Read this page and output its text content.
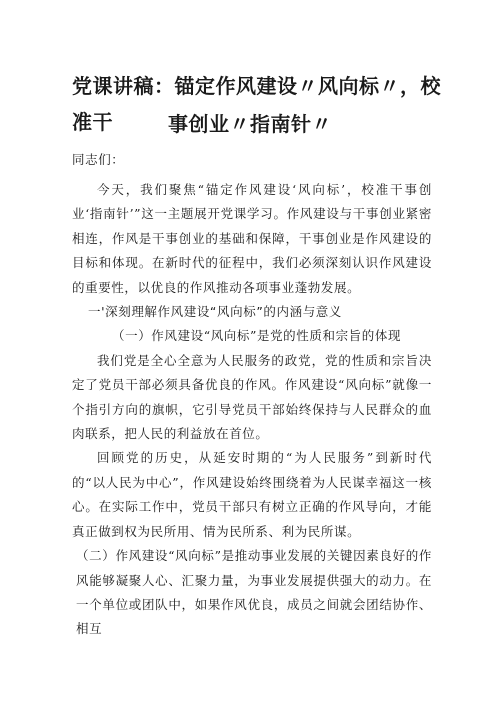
党课讲稿：锚定作风建设〃风向标〃，校准干	事创业〃指南针〃
同志们：

今天，我们聚焦“锚定作风建设‘风向标’，校准干事创业‘指南针’”这一主题展开党课学习。作风建设与干事创业紧密相连，作风是干事创业的基础和保障，干事创业是作风建设的目标和体现。在新时代的征程中，我们必须深刻认识作风建设的重要性，以优良的作风推动各项事业蓬勃发展。

一'深刻理解作风建设“风向标”的内涵与意义

（一）作风建设“风向标”是党的性质和宗旨的体现

我们党是全心全意为人民服务的政党，党的性质和宗旨决定了党员干部必须具备优良的作风。作风建设“风向标”就像一个指引方向的旗帜，它引导党员干部始终保持与人民群众的血肉联系，把人民的利益放在首位。

回顾党的历史，从延安时期的“为人民服务”到新时代的“以人民为中心”，作风建设始终围绕着为人民谋幸福这一核心。在实际工作中，党员干部只有树立正确的作风导向，才能真正做到权为民所用、情为民所系、利为民所谋。

（二）作风建设“风向标”是推动事业发展的关键因素良好的作风能够凝聚人心、汇聚力量，为事业发展提供强大的动力。在一个单位或团队中，如果作风优良，成员之间就会团结协作、相互
